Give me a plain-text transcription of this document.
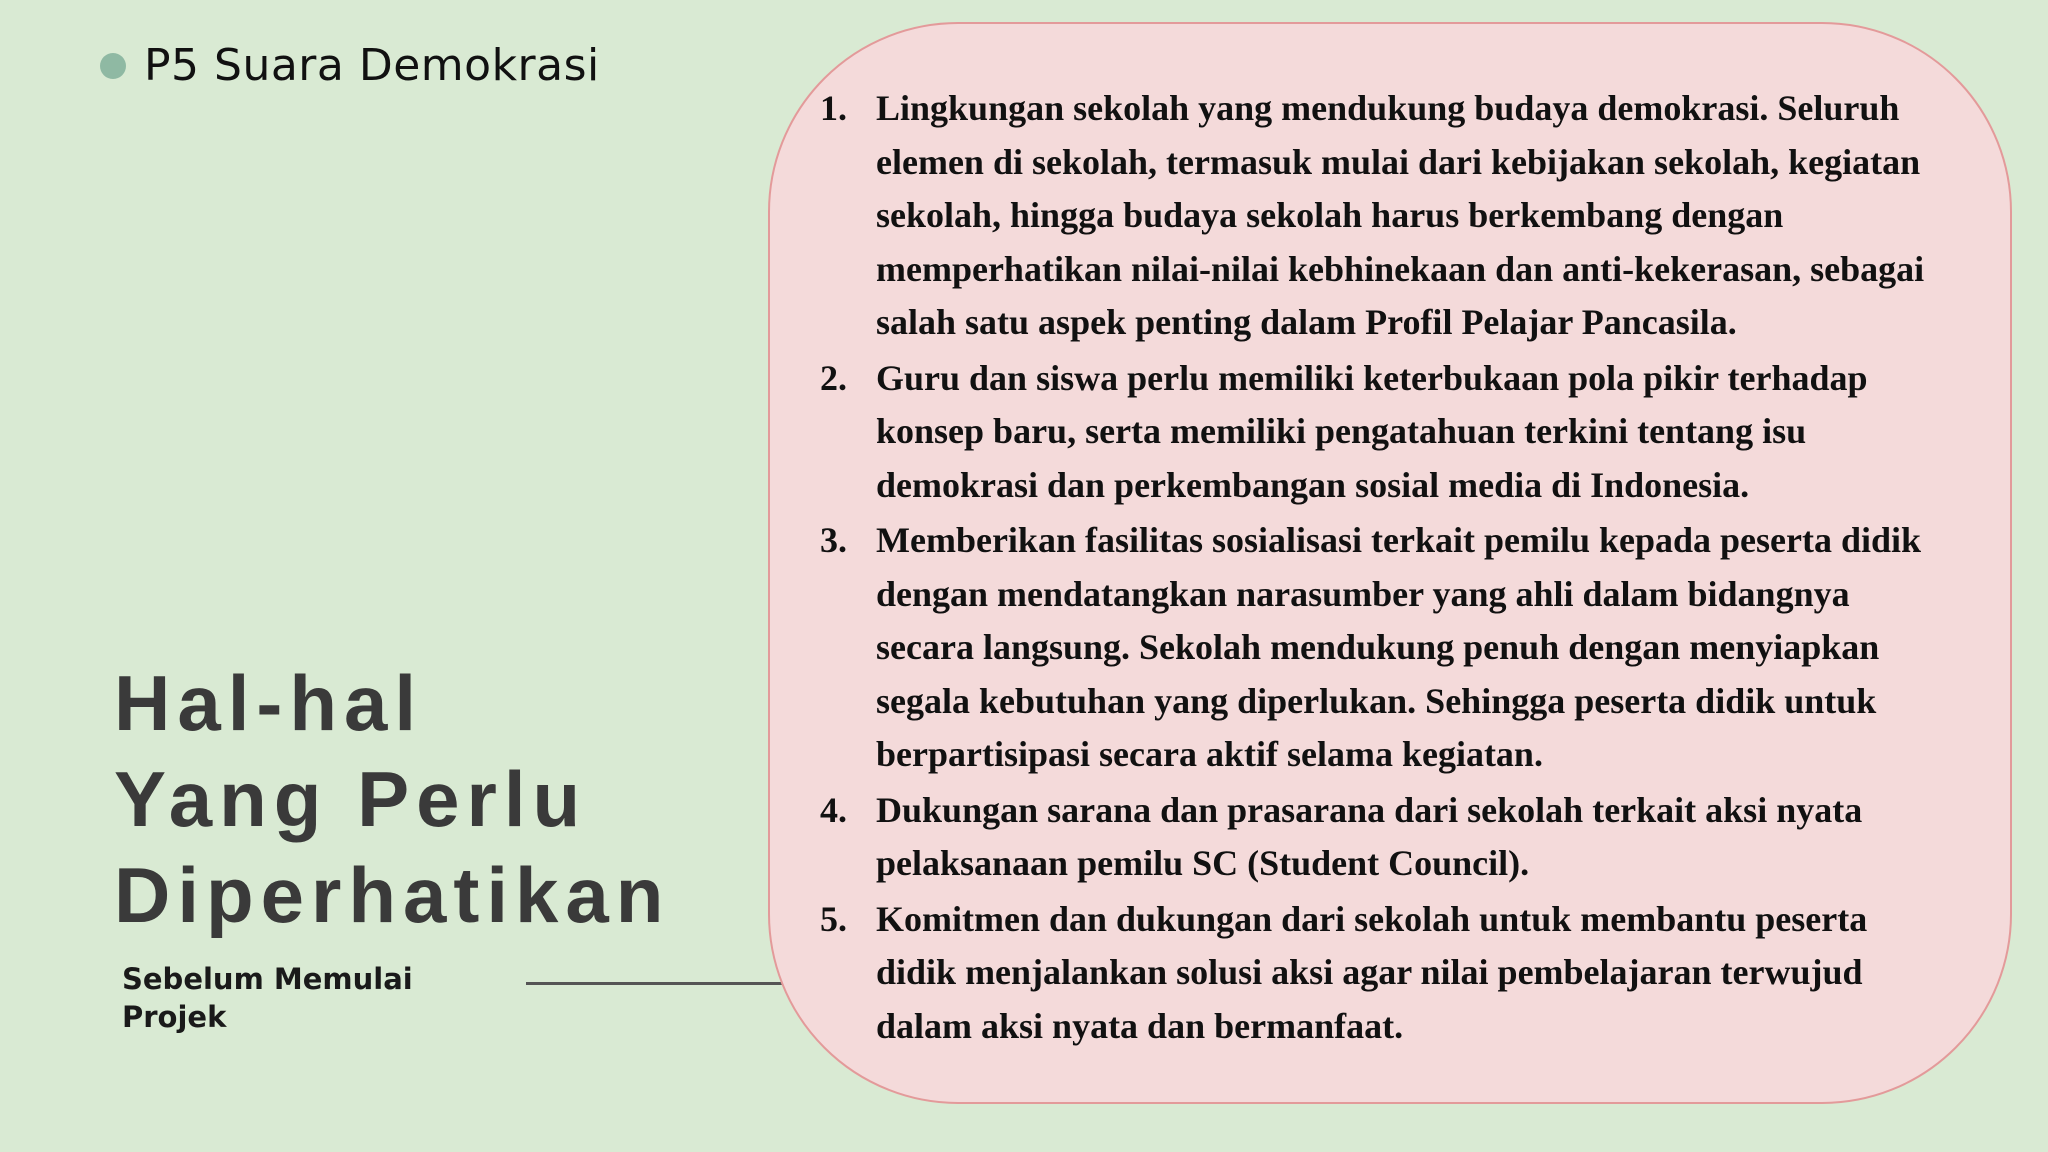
P5 Suara Demokrasi
Hal-hal
Yang Perlu
Diperhatikan
Sebelum Memulai
Projek
1. Lingkungan sekolah yang mendukung budaya demokrasi. Seluruh
elemen di sekolah, termasuk mulai dari kebijakan sekolah, kegiatan
sekolah, hingga budaya sekolah harus berkembang dengan
memperhatikan nilai-nilai kebhinekaan dan anti-kekerasan, sebagai
salah satu aspek penting dalam Profil Pelajar Pancasila.
2. Guru dan siswa perlu memiliki keterbukaan pola pikir terhadap
konsep baru, serta memiliki pengatahuan terkini tentang isu
demokrasi dan perkembangan sosial media di Indonesia.
3. Memberikan fasilitas sosialisasi terkait pemilu kepada peserta didik
dengan mendatangkan narasumber yang ahli dalam bidangnya
secara langsung. Sekolah mendukung penuh dengan menyiapkan
segala kebutuhan yang diperlukan. Sehingga peserta didik untuk
berpartisipasi secara aktif selama kegiatan.
4. Dukungan sarana dan prasarana dari sekolah terkait aksi nyata
pelaksanaan pemilu SC (Student Council).
5. Komitmen dan dukungan dari sekolah untuk membantu peserta
didik menjalankan solusi aksi agar nilai pembelajaran terwujud
dalam aksi nyata dan bermanfaat.
